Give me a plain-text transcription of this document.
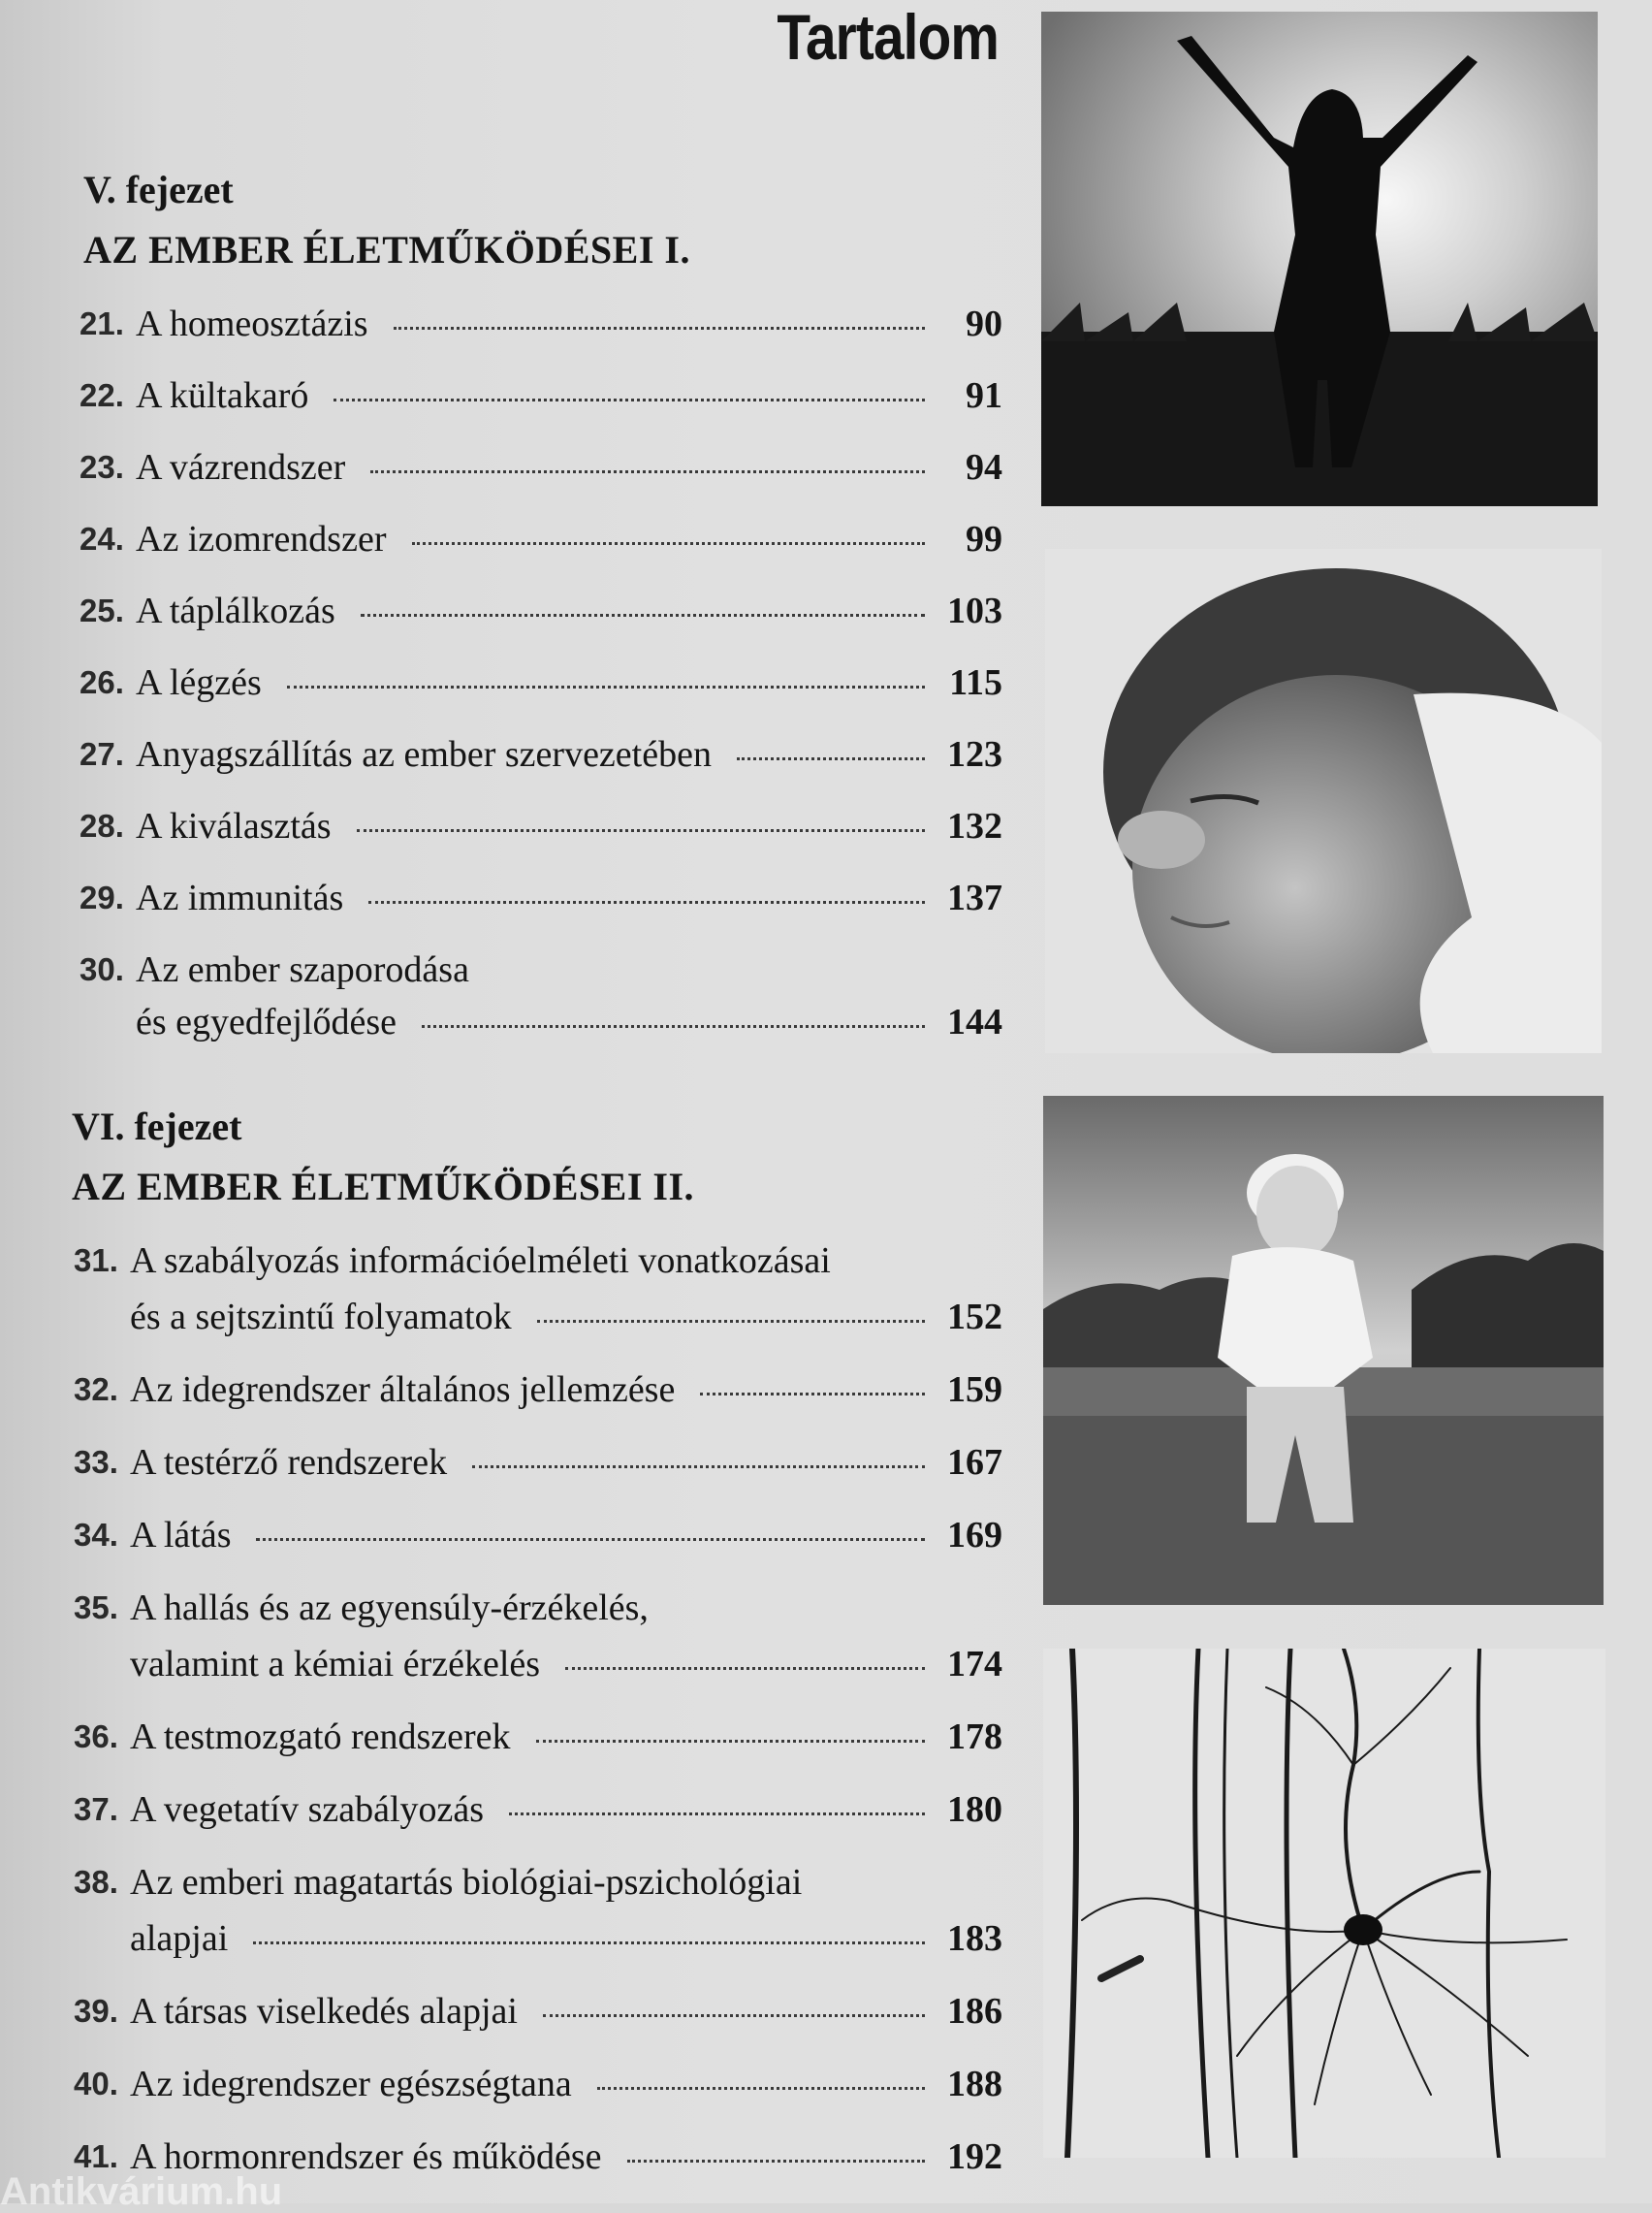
Tartalom
V. fejezet
AZ EMBER ÉLETMŰKÖDÉSEI I.
21. A homeosztázis	90
22. A kültakaró	91
23. A vázrendszer	94
24. Az izomrendszer	99
25. A táplálkozás	103
26. A légzés	115
27. Anyagszállítás az ember szervezetében	123
28. A kiválasztás	132
29. Az immunitás	137
30. Az ember szaporodása
és egyedfejlődése	144
VI. fejezet
AZ EMBER ÉLETMŰKÖDÉSEI II.
31. A szabályozás információelméleti vonatkozásai
és a sejtszintű folyamatok	152
32. Az idegrendszer általános jellemzése	159
33. A testérző rendszerek	167
34. A látás	169
35. A hallás és az egyensúly-érzékelés,
valamint a kémiai érzékelés	174
36. A testmozgató rendszerek	178
37. A vegetatív szabályozás	180
38. Az emberi magatartás biológiai-pszichológiai
alapjai	183
39. A társas viselkedés alapjai	186
40. Az idegrendszer egészségtana	188
41. A hormonrendszer és működése	192
Antikvárium.hu
